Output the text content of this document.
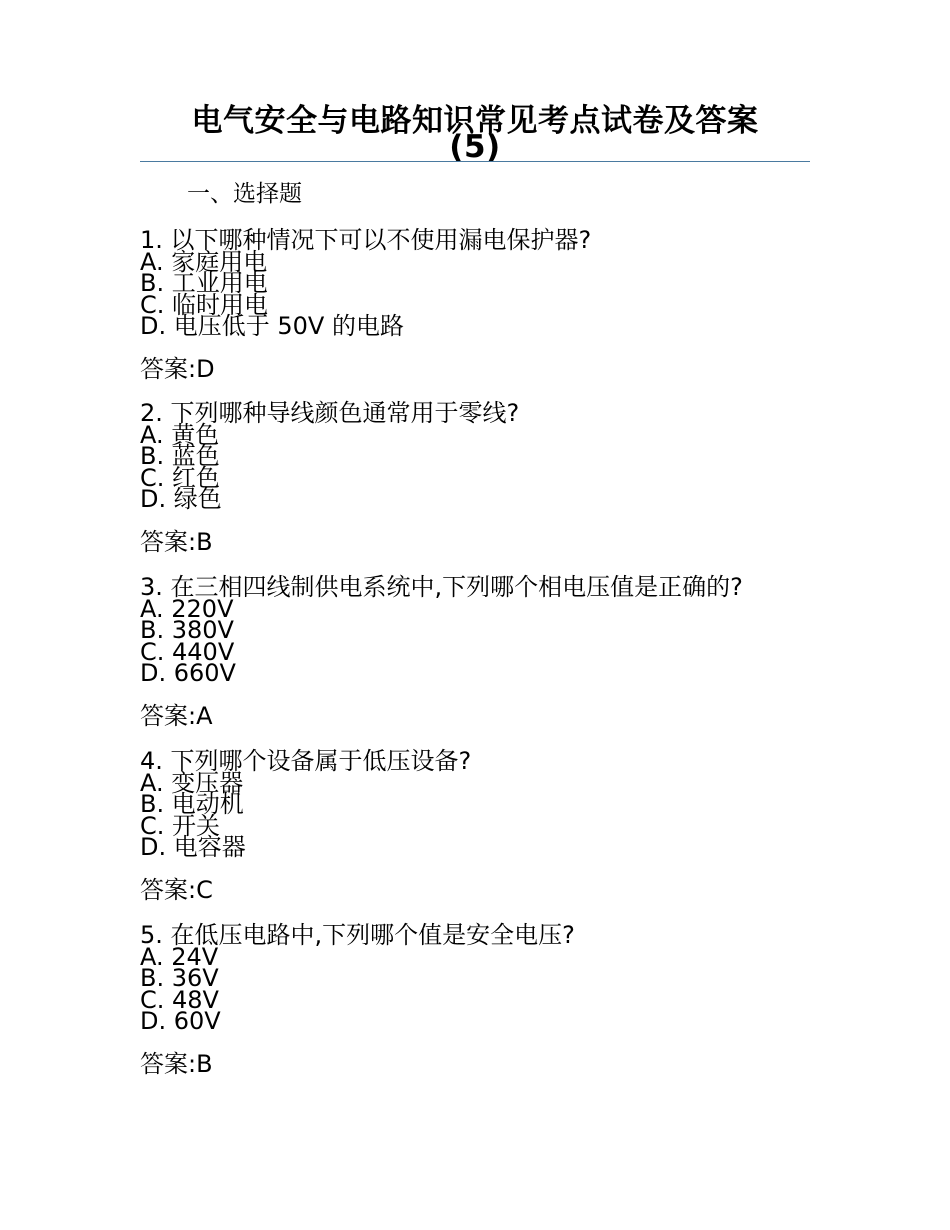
电气安全与电路知识常见考点试卷及答案
(5)
一、选择题
1. 以下哪种情况下可以不使用漏电保护器?
A. 家庭用电
B. 工业用电
C. 临时用电
D. 电压低于 50V 的电路
答案:D
2. 下列哪种导线颜色通常用于零线?
A. 黄色
B. 蓝色
C. 红色
D. 绿色
答案:B
3. 在三相四线制供电系统中,下列哪个相电压值是正确的?
A. 220V
B. 380V
C. 440V
D. 660V
答案:A
4. 下列哪个设备属于低压设备?
A. 变压器
B. 电动机
C. 开关
D. 电容器
答案:C
5. 在低压电路中,下列哪个值是安全电压?
A. 24V
B. 36V
C. 48V
D. 60V
答案:B
